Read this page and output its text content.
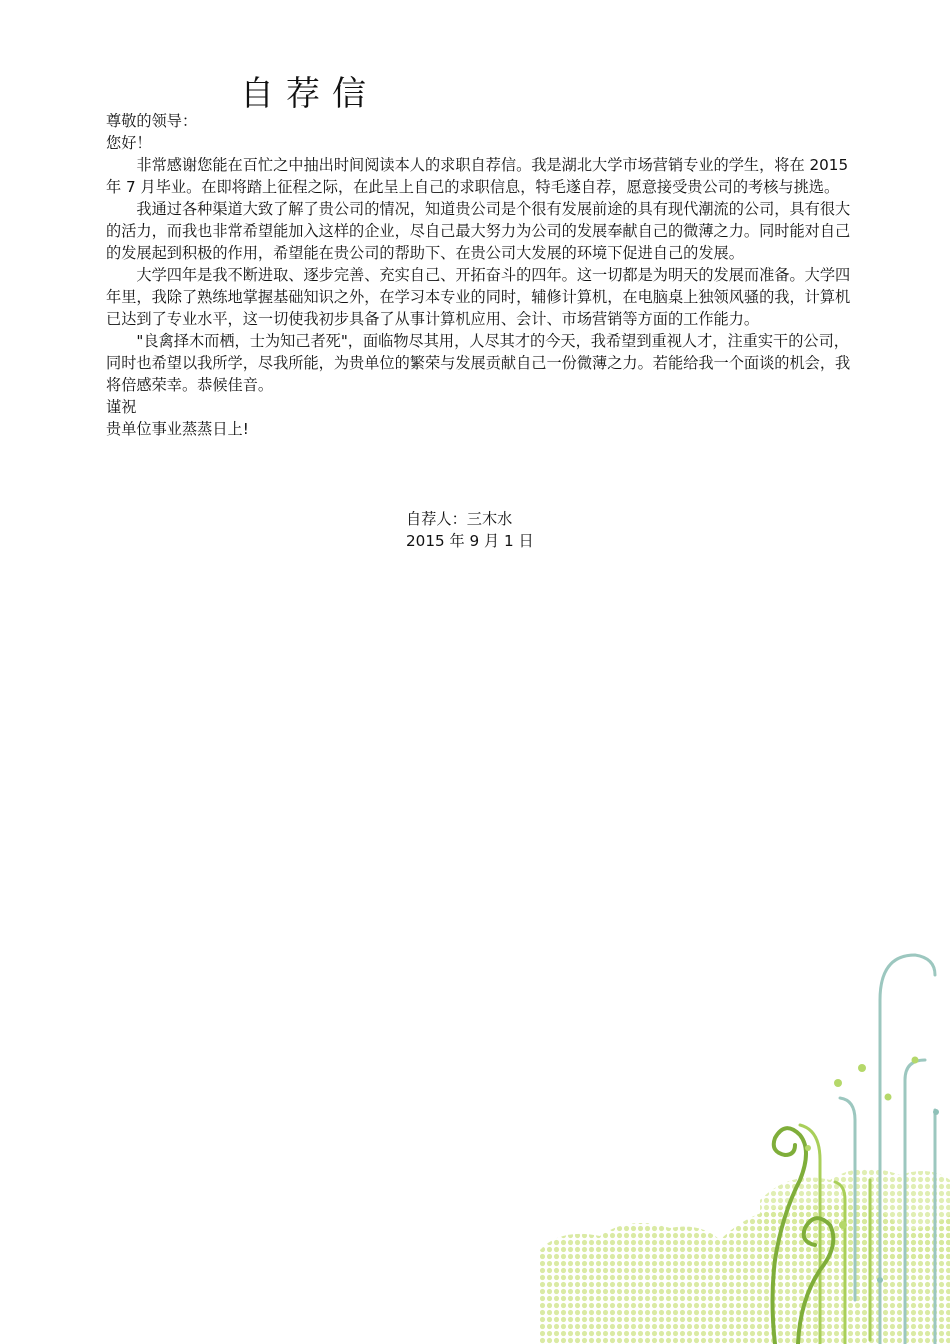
自荐信

尊敬的领导：

您好！

非常感谢您能在百忙之中抽出时间阅读本人的求职自荐信。我是湖北大学市场营销专业的学生，将在 2015 年 7 月毕业。在即将踏上征程之际，在此呈上自己的求职信息，特毛遂自荐，愿意接受贵公司的考核与挑选。

我通过各种渠道大致了解了贵公司的情况，知道贵公司是个很有发展前途的具有现代潮流的公司，具有很大的活力，而我也非常希望能加入这样的企业，尽自己最大努力为公司的发展奉献自己的微薄之力。同时能对自己的发展起到积极的作用，希望能在贵公司的帮助下、在贵公司大发展的环境下促进自己的发展。

大学四年是我不断进取、逐步完善、充实自己、开拓奋斗的四年。这一切都是为明天的发展而准备。大学四年里，我除了熟练地掌握基础知识之外，在学习本专业的同时，辅修计算机，在电脑桌上独领风骚的我，计算机已达到了专业水平，这一切使我初步具备了从事计算机应用、会计、市场营销等方面的工作能力。

"良禽择木而栖，士为知己者死"，面临物尽其用，人尽其才的今天，我希望到重视人才，注重实干的公司，同时也希望以我所学，尽我所能，为贵单位的繁荣与发展贡献自己一份微薄之力。若能给我一个面谈的机会，我将倍感荣幸。恭候佳音。

谨祝

贵单位事业蒸蒸日上!

自荐人：三木水
2015 年 9 月 1 日
